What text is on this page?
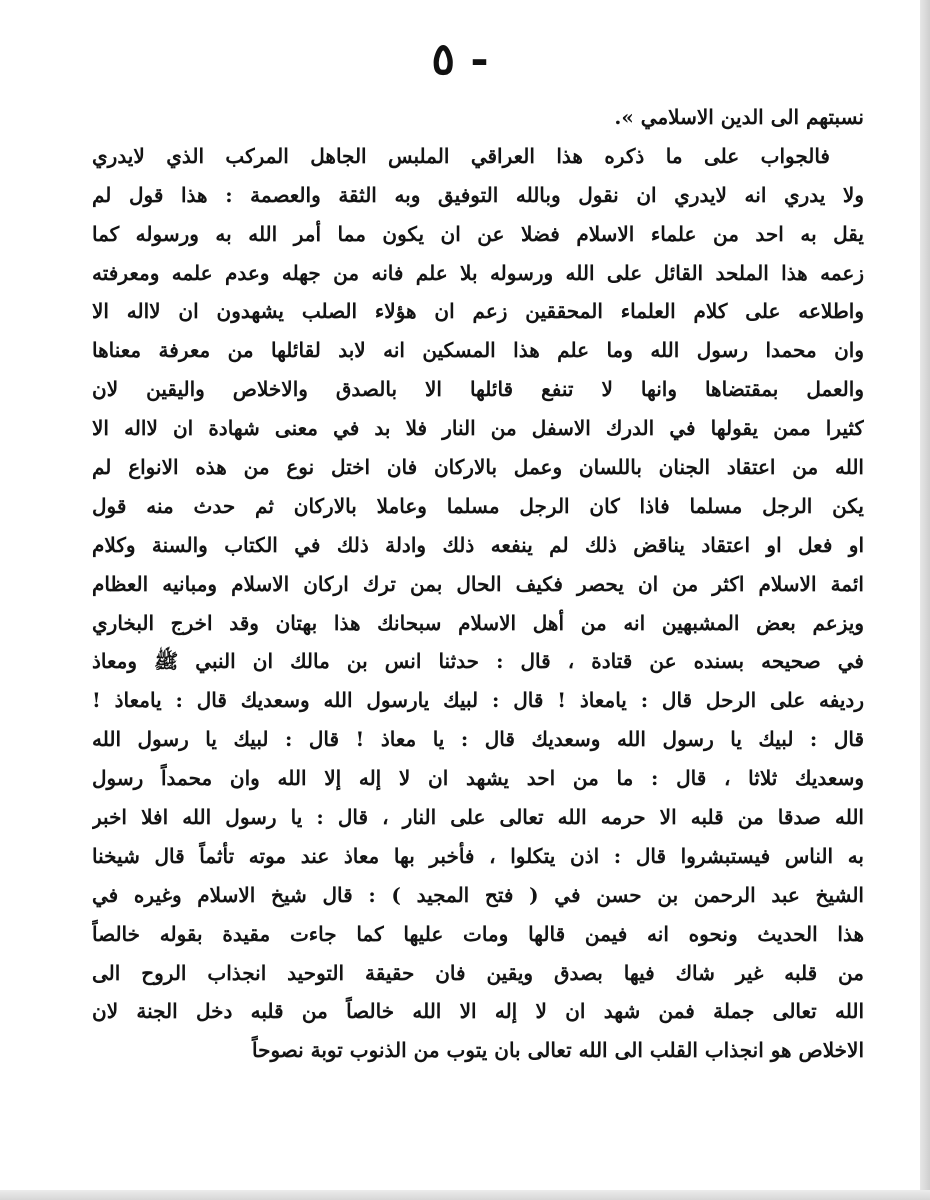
- ٥
نسبتهم الى الدين الاسلامي ».
فالجواب على ما ذكره هذا العراقي الملبس الجاهل المركب الذي لايدري
ولا يدري انه لايدري ان نقول وبالله التوفيق وبه الثقة والعصمة : هذا قول لم
يقل به احد من علماء الاسلام فضلا عن ان يكون مما أمر الله به ورسوله كما
زعمه هذا الملحد القائل على الله ورسوله بلا علم فانه من جهله وعدم علمه ومعرفته
واطلاعه على كلام العلماء المحققين زعم ان هؤلاء الصلب يشهدون ان لااله الا
وان محمدا رسول الله وما علم هذا المسكين انه لابد لقائلها من معرفة معناها
والعمل بمقتضاها وانها لا تنفع قائلها الا بالصدق والاخلاص واليقين لان
كثيرا ممن يقولها في الدرك الاسفل من النار فلا بد في معنى شهادة ان لااله الا
الله من اعتقاد الجنان باللسان وعمل بالاركان فان اختل نوع من هذه الانواع لم
يكن الرجل مسلما فاذا كان الرجل مسلما وعاملا بالاركان ثم حدث منه قول
او فعل او اعتقاد يناقض ذلك لم ينفعه ذلك وادلة ذلك في الكتاب والسنة وكلام
ائمة الاسلام اكثر من ان يحصر فكيف الحال بمن ترك اركان الاسلام ومبانيه العظام
ويزعم بعض المشبهين انه من أهل الاسلام سبحانك هذا بهتان وقد اخرج البخاري
في صحيحه بسنده عن قتادة ، قال : حدثنا انس بن مالك ان النبي ﷺ ومعاذ
رديفه على الرحل قال : يامعاذ ! قال : لبيك يارسول الله وسعديك قال : يامعاذ !
قال : لبيك يا رسول الله وسعديك قال : يا معاذ ! قال : لبيك يا رسول الله
وسعديك ثلاثا ، قال : ما من احد يشهد ان لا إله إلا الله وان محمداً رسول
الله صدقا من قلبه الا حرمه الله تعالى على النار ، قال : يا رسول الله افلا اخبر
به الناس فيستبشروا قال : اذن يتكلوا ، فأخبر بها معاذ عند موته تأثماً قال شيخنا
الشيخ عبد الرحمن بن حسن في ( فتح المجيد ) : قال شيخ الاسلام وغيره في
هذا الحديث ونحوه انه فيمن قالها ومات عليها كما جاءت مقيدة بقوله خالصاً
من قلبه غير شاك فيها بصدق ويقين فان حقيقة التوحيد انجذاب الروح الى
الله تعالى جملة فمن شهد ان لا إله الا الله خالصاً من قلبه دخل الجنة لان
الاخلاص هو انجذاب القلب الى الله تعالى بان يتوب من الذنوب توبة نصوحاً
